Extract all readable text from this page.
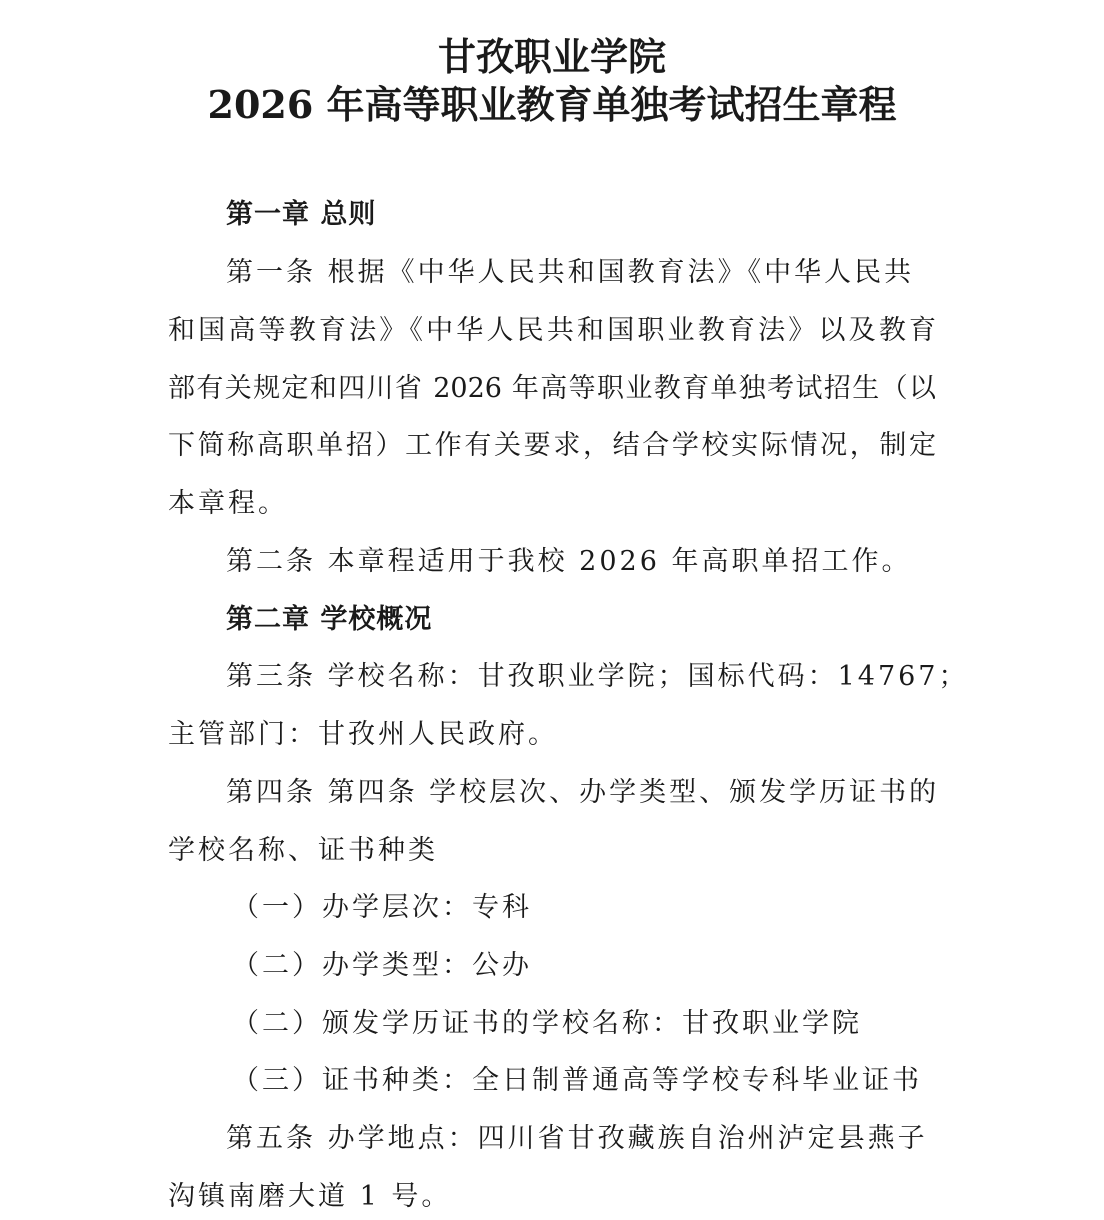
甘孜职业学院
2026 年高等职业教育单独考试招生章程
第一章 总则

第一条 根据《中华人民共和国教育法》《中华人民共

和国高等教育法》《中华人民共和国职业教育法》以及教育

部有关规定和四川省 2026 年高等职业教育单独考试招生（以

下简称高职单招）工作有关要求，结合学校实际情况，制定

本章程。

第二条 本章程适用于我校 2026 年高职单招工作。

第二章 学校概况

第三条 学校名称：甘孜职业学院；国标代码：14767；

主管部门：甘孜州人民政府。

第四条 第四条 学校层次、办学类型、颁发学历证书的

学校名称、证书种类

（一）办学层次：专科

（二）办学类型：公办

（二）颁发学历证书的学校名称：甘孜职业学院

（三）证书种类：全日制普通高等学校专科毕业证书

第五条 办学地点：四川省甘孜藏族自治州泸定县燕子

沟镇南磨大道 1 号。
